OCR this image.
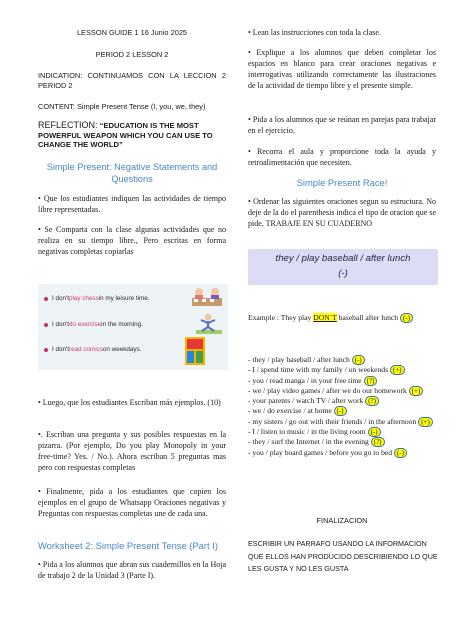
LESSON GUIDE 1 16 Junio 2025
PERIOD 2 LESSON 2
INDICATION: CONTINUAMOS CON LA LECCION 2 PERIOD 2
CONTENT: Simple Present Tense (I, you, we, they)
REFLECTION: “EDUCATION IS THE MOST POWERFUL WEAPON WHICH YOU CAN USE TO CHANGE THE WORLD”
Simple Present: Negative Statements and Questions
• Que los estudiantes indiquen las actividades de tiempo libre representadas.
• Se Comparta con la clase algunas actividades que no realiza en su tiempo libre., Pero escritas en forma negativas completas copiarlas
I don't play chess in my leisure time.
I don't do exercise in the morning.
I don't read comics on weekdays.
• Luego, que los estudiantes Escriban más ejemplos. (10)
•. Escriban una pregunta y sus posibles respuestas en la pizarra. (Por ejemplo, Do you play Monopoly in your free-time? Yes. / No.). Ahora escriban 5 preguntas mas pero con respuestas completas
• Finalmente, pida a los estudiantes que copien los ejemplos en el grupo de Whatsapp Oraciones negativas y Preguntas con respuestas completas une de cada una.
Worksheet 2: Simple Present Tense (Part I)
• Pida a los alumnos que abran sus cuadernillos en la Hoja de trabajo 2 de la Unidad 3 (Parte I).
• Lean las instrucciones con toda la clase.
• Explique a los alumnos que deben completar los espacios en blanco para crear oraciones negativas e interrogativas utilizando correctamente las ilustraciones de la actividad de tiempo libre y el presente simple.
• Pida a los alumnos que se reúnan en parejas para trabajar en el ejercicio.
• Recorra el aula y proporcione toda la ayuda y retroalimentación que necesiten.
Simple Present Race!
• Ordenar las siguientes oraciones segun su estructura. No deje de la do el parenthesis indica el tipo de oracion que se pide, TRABAJE EN SU CUADERNO
they / play baseball / after lunch
(-)
Example : They play DON´T baseball after lunch (-)
- they / play baseball / after lunch (-)
- I / spend time with my family / on weekends (+)
- you / read manga / in your free time (?)
- we / play video games / after we do our homework (+)
- your parents / watch TV / after work (?)
- we / do exercise / at home (-)
- my sisters / go out with their friends / in the afternoon (+)
- I / listen to music / in the living room (-)
- they / surf the Internet / in the evening (?)
- you / play board games / before you go to bed (-)
FINALIZACION
ESCRIBIR UN PARRAFO USANDO LA INFORMACION QUE ELLOS HAN PRODUCIDO DESCRIBIENDO LO QUE LES GUSTA Y NO LES GUSTA
